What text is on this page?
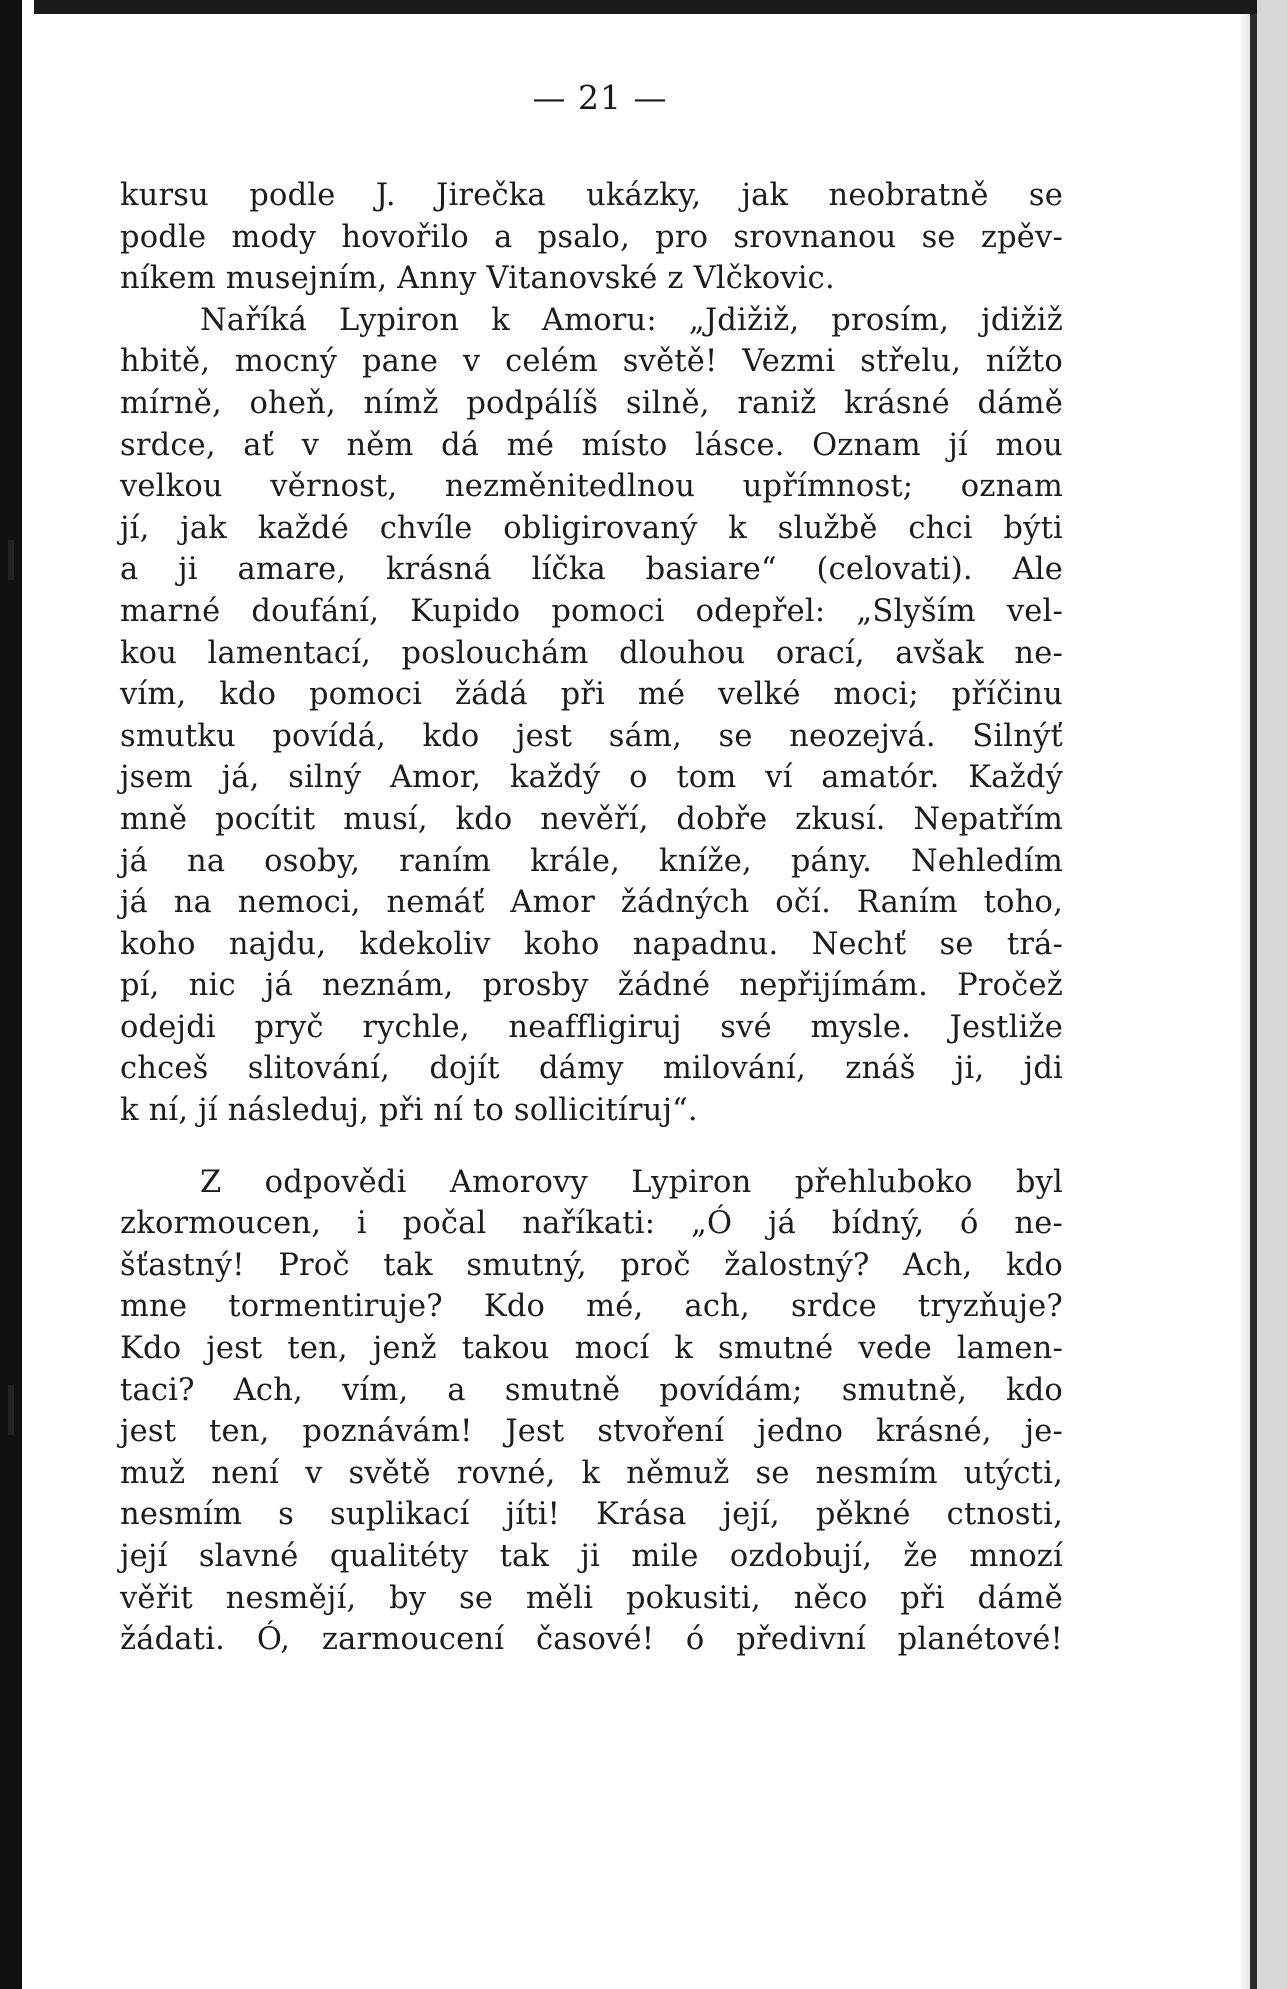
— 21 —
kursu podle J. Jirečka ukázky, jak neobratně se
podle mody hovořilo a psalo, pro srovnanou se zpěv-
níkem musejním, Anny Vitanovské z Vlčkovic.
Naříká Lypiron k Amoru: „Jdižiž, prosím, jdižiž
hbitě, mocný pane v celém světě! Vezmi střelu, nížto
mírně, oheň, nímž podpálíš silně, raniž krásné dámě
srdce, ať v něm dá mé místo lásce. Oznam jí mou
velkou věrnost, nezměnitedlnou upřímnost; oznam
jí, jak každé chvíle obligirovaný k službě chci býti
a ji amare, krásná líčka basiare“ (celovati). Ale
marné doufání, Kupido pomoci odepřel: „Slyším vel-
kou lamentací, poslouchám dlouhou orací, avšak ne-
vím, kdo pomoci žádá při mé velké moci; příčinu
smutku povídá, kdo jest sám, se neozejvá. Silnýť
jsem já, silný Amor, každý o tom ví amatór. Každý
mně pocítit musí, kdo nevěří, dobře zkusí. Nepatřím
já na osoby, raním krále, kníže, pány. Nehledím
já na nemoci, nemáť Amor žádných očí. Raním toho,
koho najdu, kdekoliv koho napadnu. Nechť se trá-
pí, nic já neznám, prosby žádné nepřijímám. Pročež
odejdi pryč rychle, neaffligiruj své mysle. Jestliže
chceš slitování, dojít dámy milování, znáš ji, jdi
k ní, jí následuj, při ní to sollicitíruj“.
Z odpovědi Amorovy Lypiron přehluboko byl
zkormoucen, i počal naříkati: „Ó já bídný, ó ne-
šťastný! Proč tak smutný, proč žalostný? Ach, kdo
mne tormentiruje? Kdo mé, ach, srdce tryzňuje?
Kdo jest ten, jenž takou mocí k smutné vede lamen-
taci? Ach, vím, a smutně povídám; smutně, kdo
jest ten, poznávám! Jest stvoření jedno krásné, je-
muž není v světě rovné, k němuž se nesmím utýcti,
nesmím s suplikací jíti! Krása její, pěkné ctnosti,
její slavné qualitéty tak ji mile ozdobují, že mnozí
věřit nesmějí, by se měli pokusiti, něco při dámě
žádati. Ó, zarmoucení časové! ó předivní planétové!
